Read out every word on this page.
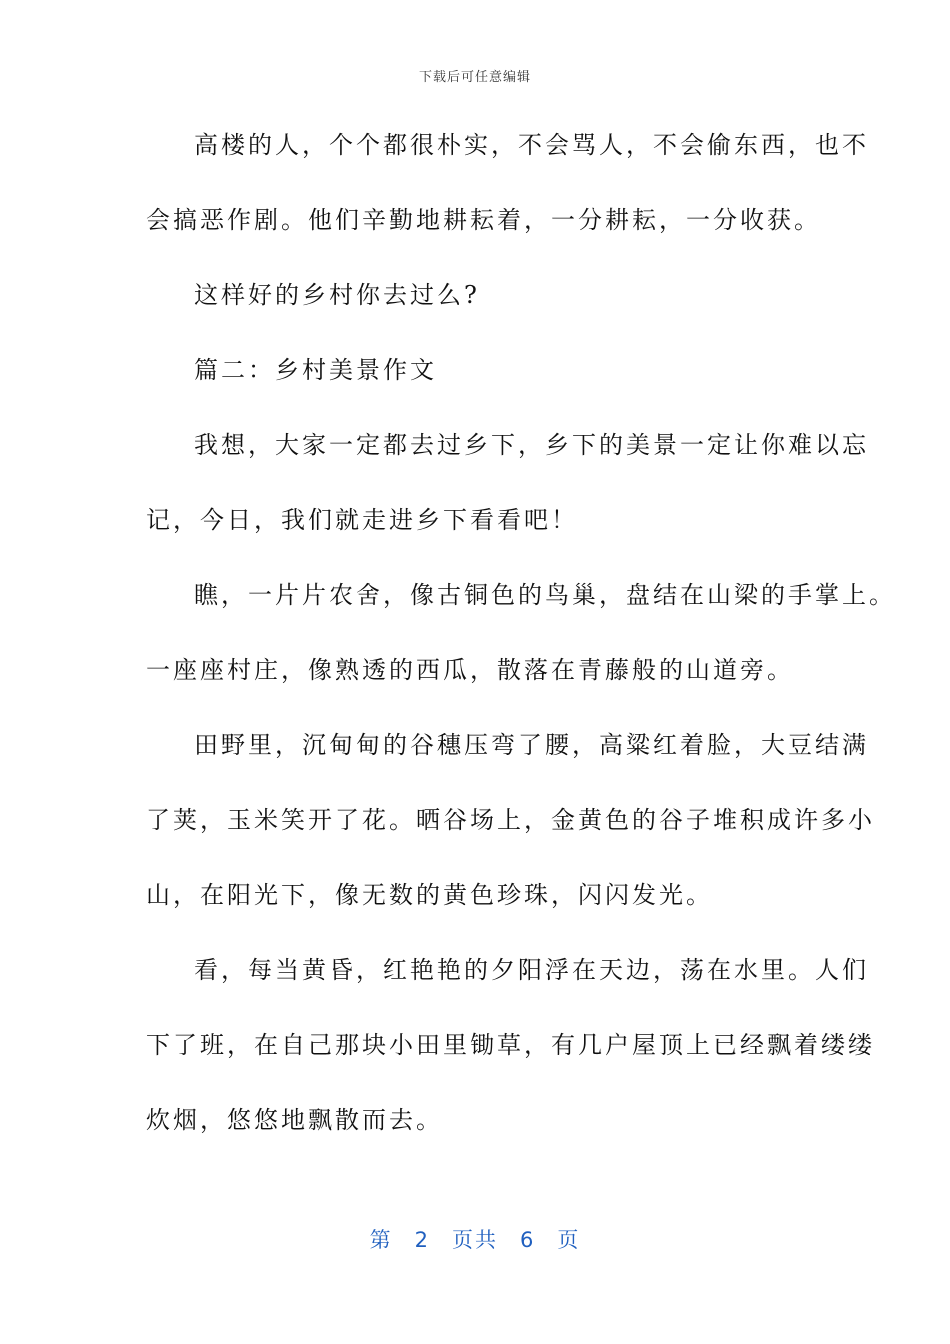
下载后可任意编辑
高楼的人，个个都很朴实，不会骂人，不会偷东西，也不
会搞恶作剧。他们辛勤地耕耘着，一分耕耘，一分收获。
这样好的乡村你去过么?
篇二：乡村美景作文
我想，大家一定都去过乡下，乡下的美景一定让你难以忘
记，今日，我们就走进乡下看看吧！
瞧，一片片农舍，像古铜色的鸟巢，盘结在山梁的手掌上。
一座座村庄，像熟透的西瓜，散落在青藤般的山道旁。
田野里，沉甸甸的谷穗压弯了腰，高粱红着脸，大豆结满
了荚，玉米笑开了花。晒谷场上，金黄色的谷子堆积成许多小
山，在阳光下，像无数的黄色珍珠，闪闪发光。
看，每当黄昏，红艳艳的夕阳浮在天边，荡在水里。人们
下了班，在自己那块小田里锄草，有几户屋顶上已经飘着缕缕
炊烟，悠悠地飘散而去。
第 2 页共 6 页
